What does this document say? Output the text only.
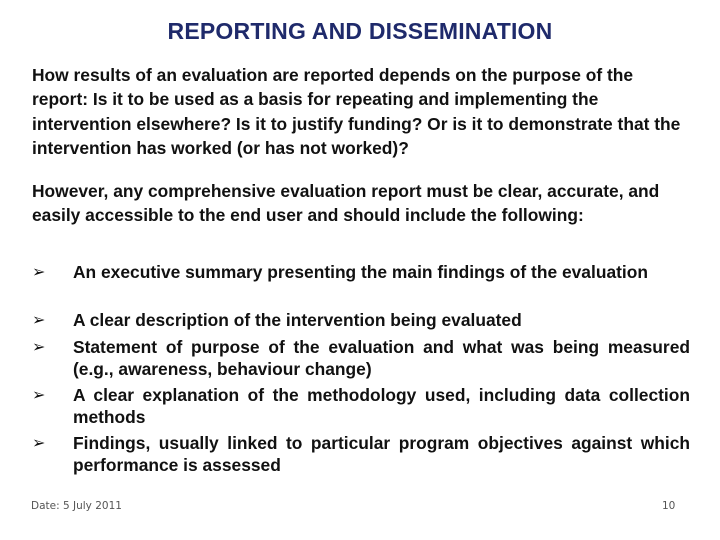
REPORTING AND DISSEMINATION
How results of an evaluation are reported depends on the purpose of the report: Is it to be used as a basis for repeating and implementing the intervention elsewhere? Is it to justify funding? Or is it to demonstrate that the intervention has worked (or has not worked)?
However, any comprehensive evaluation report must be clear, accurate, and easily accessible to the end user and should include the following:
➢ An executive summary presenting the main findings of the evaluation
➢ A clear description of the intervention being evaluated
➢ Statement of purpose of the evaluation and what was being measured (e.g., awareness, behaviour change)
➢ A clear explanation of the methodology used, including data collection methods
➢ Findings, usually linked to particular program objectives against which performance is assessed
Date: 5 July 2011	10
